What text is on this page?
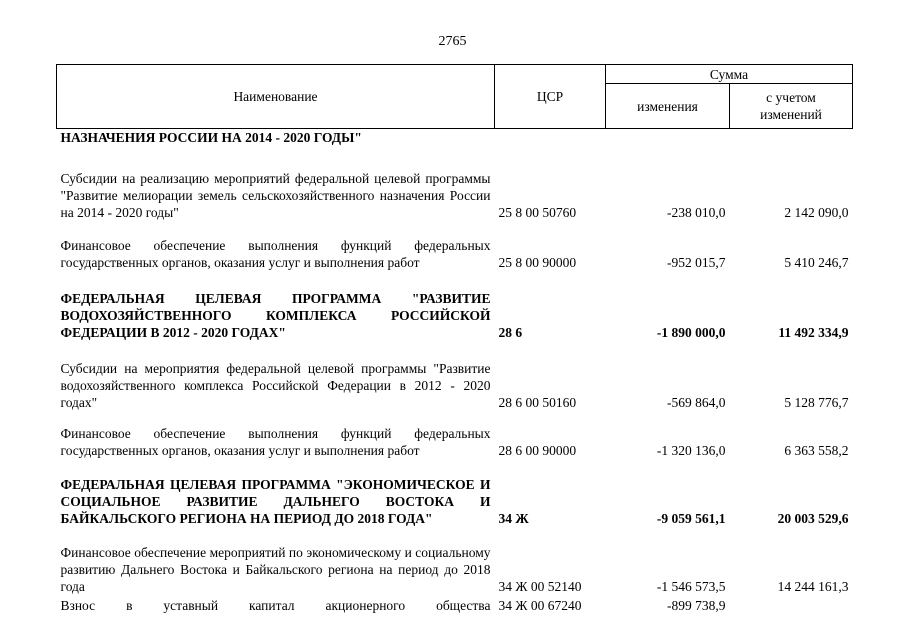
2765
Наименование	ЦСР	Сумма	
		изменения	с учетом изменений
НАЗНАЧЕНИЯ РОССИИ НА 2014 - 2020 ГОДЫ"			
Субсидии на реализацию мероприятий федеральной целевой программы "Развитие мелиорации земель сельскохозяйственного назначения России на 2014 - 2020 годы"	25 8 00 50760	-238 010,0	2 142 090,0
Финансовое обеспечение выполнения функций федеральных государственных органов, оказания услуг и выполнения работ	25 8 00 90000	-952 015,7	5 410 246,7
ФЕДЕРАЛЬНАЯ ЦЕЛЕВАЯ ПРОГРАММА "РАЗВИТИЕ ВОДОХОЗЯЙСТВЕННОГО КОМПЛЕКСА РОССИЙСКОЙ ФЕДЕРАЦИИ В 2012 - 2020 ГОДАХ"	28 6	-1 890 000,0	11 492 334,9
Субсидии на мероприятия федеральной целевой программы "Развитие водохозяйственного комплекса Российской Федерации в 2012 - 2020 годах"	28 6 00 50160	-569 864,0	5 128 776,7
Финансовое обеспечение выполнения функций федеральных государственных органов, оказания услуг и выполнения работ	28 6 00 90000	-1 320 136,0	6 363 558,2
ФЕДЕРАЛЬНАЯ ЦЕЛЕВАЯ ПРОГРАММА "ЭКОНОМИЧЕСКОЕ И СОЦИАЛЬНОЕ РАЗВИТИЕ ДАЛЬНЕГО ВОСТОКА И БАЙКАЛЬСКОГО РЕГИОНА НА ПЕРИОД ДО 2018 ГОДА"	34 Ж	-9 059 561,1	20 003 529,6
Финансовое обеспечение мероприятий по экономическому и социальному развитию Дальнего Востока и Байкальского региона на период до 2018 года	34 Ж 00 52140	-1 546 573,5	14 244 161,3
Взнос в уставный капитал акционерного общества	34 Ж 00 67240	-899 738,9	
